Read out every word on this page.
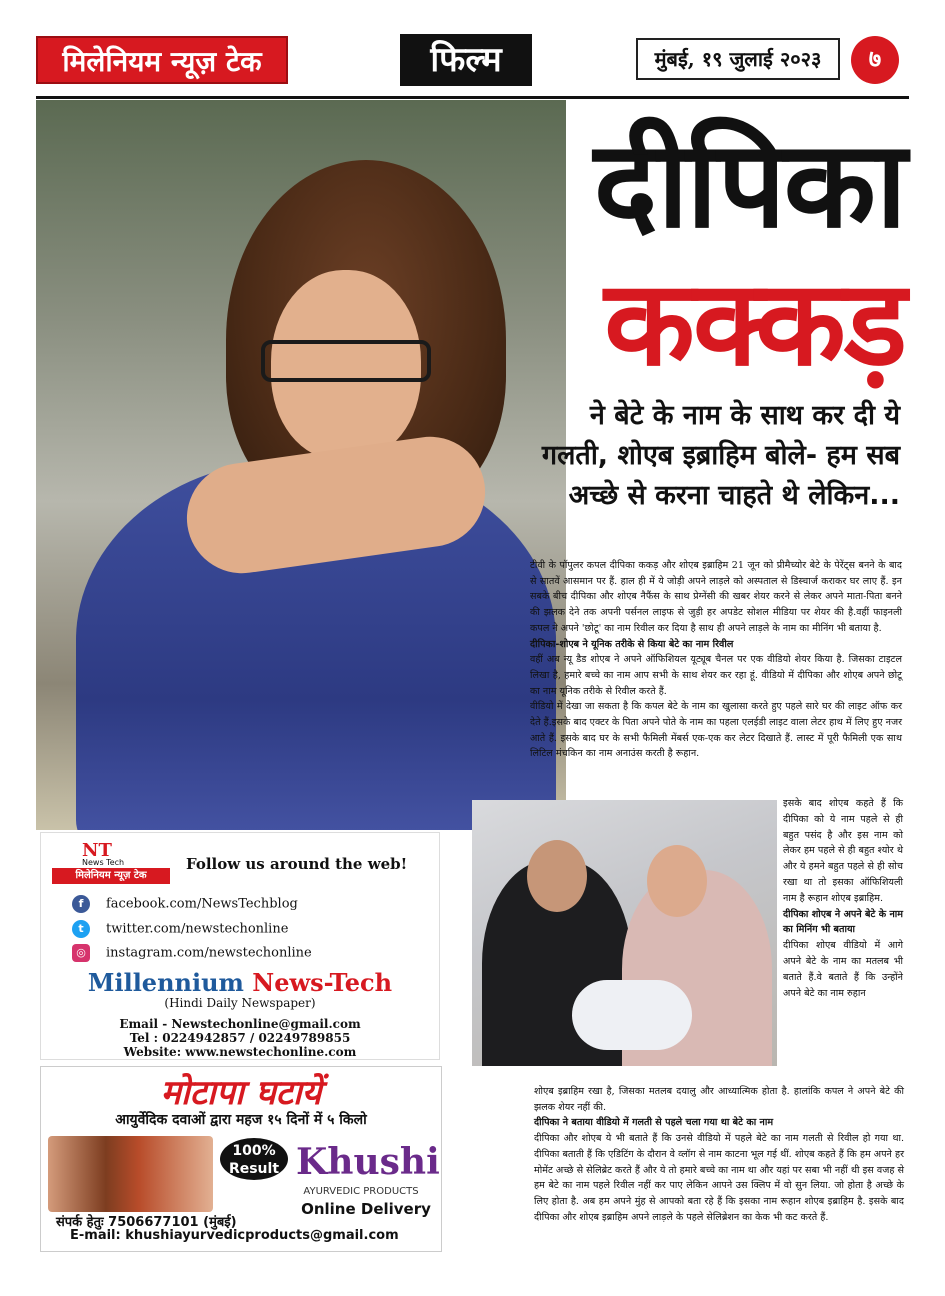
मिलेनियम न्यूज़ टेक	फिल्म	मुंबई, १९ जुलाई २०२३	७
दीपिका
कक्कड़
ने बेटे के नाम के साथ कर दी ये गलती, शोएब इब्राहिम बोले- हम सब अच्छे से करना चाहते थे लेकिन...

टीवी के पॉपुलर कपल दीपिका ककड़ और शोएब इब्राहिम 21 जून को प्रीमैच्योर बेटे के पेरेंट्स बनने के बाद से सातवें आसमान पर हैं. हाल ही में ये जोड़ी अपने लाड़ले को अस्पताल से डिस्चार्ज कराकर घर लाए हैं. इन सबके बीच दीपिका और शोएब नैफैंस के साथ प्रेग्नेंसी की खबर शेयर करने से लेकर अपने माता-पिता बनने की झलक देने तक अपनी पर्सनल लाइफ से जुड़ी हर अपडेट सोशल मीडिया पर शेयर की है.वहीं फाइनली कपल ने अपने 'छोटू' का नाम रिवील कर दिया है साथ ही अपने लाड़ले के नाम का मीनिंग भी बताया है.

दीपिका-शोएब ने यूनिक तरीके से किया बेटे का नाम रिवील

वहीं अब न्यू डैड शोएब ने अपने ऑफिशियल यूट्यूब चैनल पर एक वीडियो शेयर किया है. जिसका टाइटल लिखा है, हमारे बच्चे का नाम आप सभी के साथ शेयर कर रहा हूं. वीडियो में दीपिका और शोएब अपने छोटू का नाम यूनिक तरीके से रिवील करते हैं.

वीडियो में देखा जा सकता है कि कपल बेटे के नाम का खुलासा करते हुए पहले सारे घर की लाइट ऑफ कर देते हैं.इसके बाद एक्टर के पिता अपने पोते के नाम का पहला एलईडी लाइट वाला लेटर हाथ में लिए हुए नजर आते हैं. इसके बाद घर के सभी फैमिली मेंबर्स एक-एक कर लेटर दिखाते हैं. लास्ट में पूरी फैमिली एक साथ लिटिल मंचकिन का नाम अनाउंस करती है रूहान.

इसके बाद शोएब कहते हैं कि दीपिका को ये नाम पहले से ही बहुत पसंद है और इस नाम को लेकर हम पहले से ही बहुत श्योर थे और ये हमने बहुत पहले से ही सोच रखा था तो इसका ऑफिशियली नाम है रूहान शोएब इब्राहिम.

दीपिका शोएब ने अपने बेटे के नाम का मिनिंग भी बताया

दीपिका शोएब वीडियो में आगे अपने बेटे के नाम का मतलब भी बताते हैं.वे बताते हैं कि उन्होंने अपने बेटे का नाम रुहान

शोएब इब्राहिम रखा है, जिसका मतलब दयालु और आध्यात्मिक होता है. हालांकि कपल ने अपने बेटे की झलक शेयर नहीं की.

दीपिका ने बताया वीडियो में गलती से पहले चला गया था बेटे का नाम

दीपिका और शोएब ये भी बताते हैं कि उनसे वीडियो में पहले बेटे का नाम गलती से रिवील हो गया था. दीपिका बताती हैं कि एडिटिंग के दौरान वे व्लॉग से नाम काटना भूल गई थीं. शोएब कहते हैं कि हम अपने हर मोमेंट अच्छे से सेलिब्रेट करते हैं और ये तो हमारे बच्चे का नाम था और यहां पर सबा भी नहीं थी इस वजह से हम बेटे का नाम पहले रिवील नहीं कर पाए लेकिन आपने उस क्लिप में वो सुन लिया. जो होता है अच्छे के लिए होता है. अब हम अपने मुंह से आपको बता रहे हैं कि इसका नाम रूहान शोएब इब्राहिम है. इसके बाद दीपिका और शोएब इब्राहिम अपने लाड़ले के पहले सेलिब्रेशन का केक भी कट करते हैं.

NT
News Tech
मिलेनियम न्यूज़ टेक
Follow us around the web!
f facebook.com/NewsTechblog
t twitter.com/newstechonline
◎ instagram.com/newstechonline
Millennium News-Tech
(Hindi Daily Newspaper)
Email - Newstechonline@gmail.com
Tel : 0224942857 / 02249789855
Website: www.newstechonline.com
मोटापा घटायें
आयुर्वेदिक दवाओं द्वारा महज १५ दिनों में ५ किलो
100%
Result Khushi
AYURVEDIC PRODUCTS
Online Delivery
संपर्क हेतुः 7506677101 (मुंबई)
E-mail: khushiayurvedicproducts@gmail.com
